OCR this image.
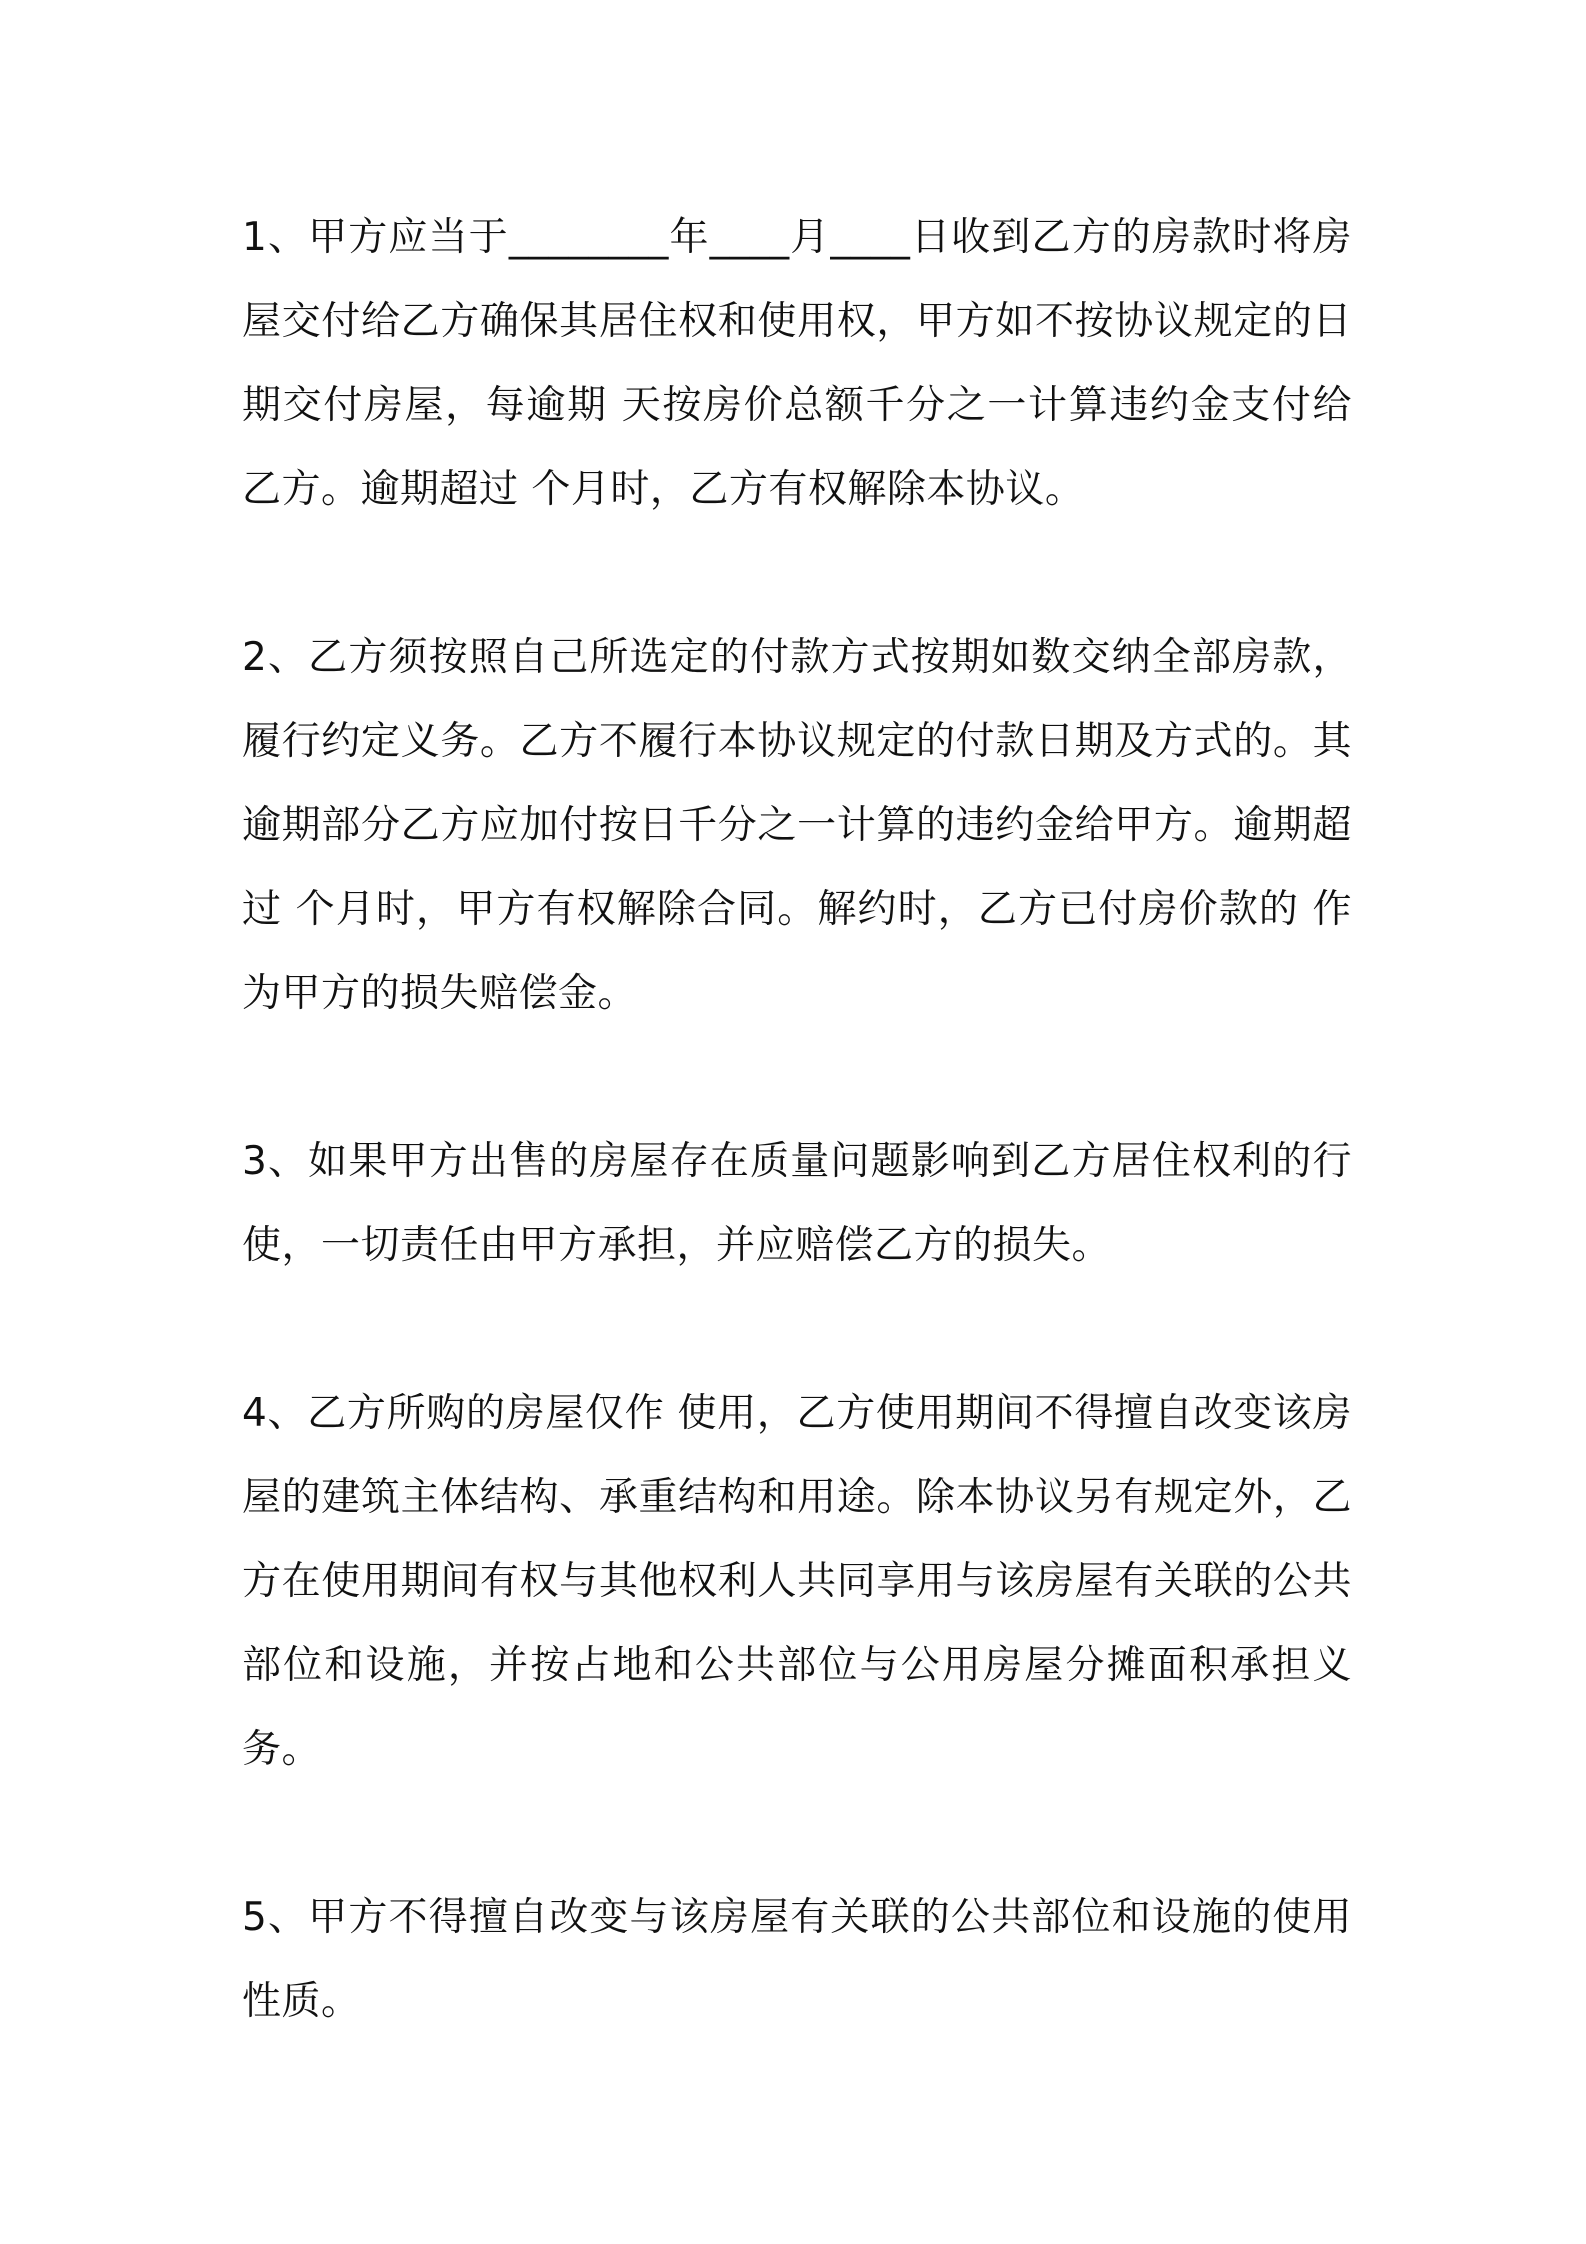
1、甲方应当于________年____月____日收到乙方的房款时将房屋交付给乙方确保其居住权和使用权，甲方如不按协议规定的日期交付房屋，每逾期 天按房价总额千分之一计算违约金支付给乙方。逾期超过 个月时，乙方有权解除本协议。

2、乙方须按照自己所选定的付款方式按期如数交纳全部房款，履行约定义务。乙方不履行本协议规定的付款日期及方式的。其逾期部分乙方应加付按日千分之一计算的违约金给甲方。逾期超过 个月时，甲方有权解除合同。解约时，乙方已付房价款的 作为甲方的损失赔偿金。

3、如果甲方出售的房屋存在质量问题影响到乙方居住权利的行使，一切责任由甲方承担，并应赔偿乙方的损失。

4、乙方所购的房屋仅作 使用，乙方使用期间不得擅自改变该房屋的建筑主体结构、承重结构和用途。除本协议另有规定外，乙方在使用期间有权与其他权利人共同享用与该房屋有关联的公共部位和设施，并按占地和公共部位与公用房屋分摊面积承担义务。

5、甲方不得擅自改变与该房屋有关联的公共部位和设施的使用性质。
